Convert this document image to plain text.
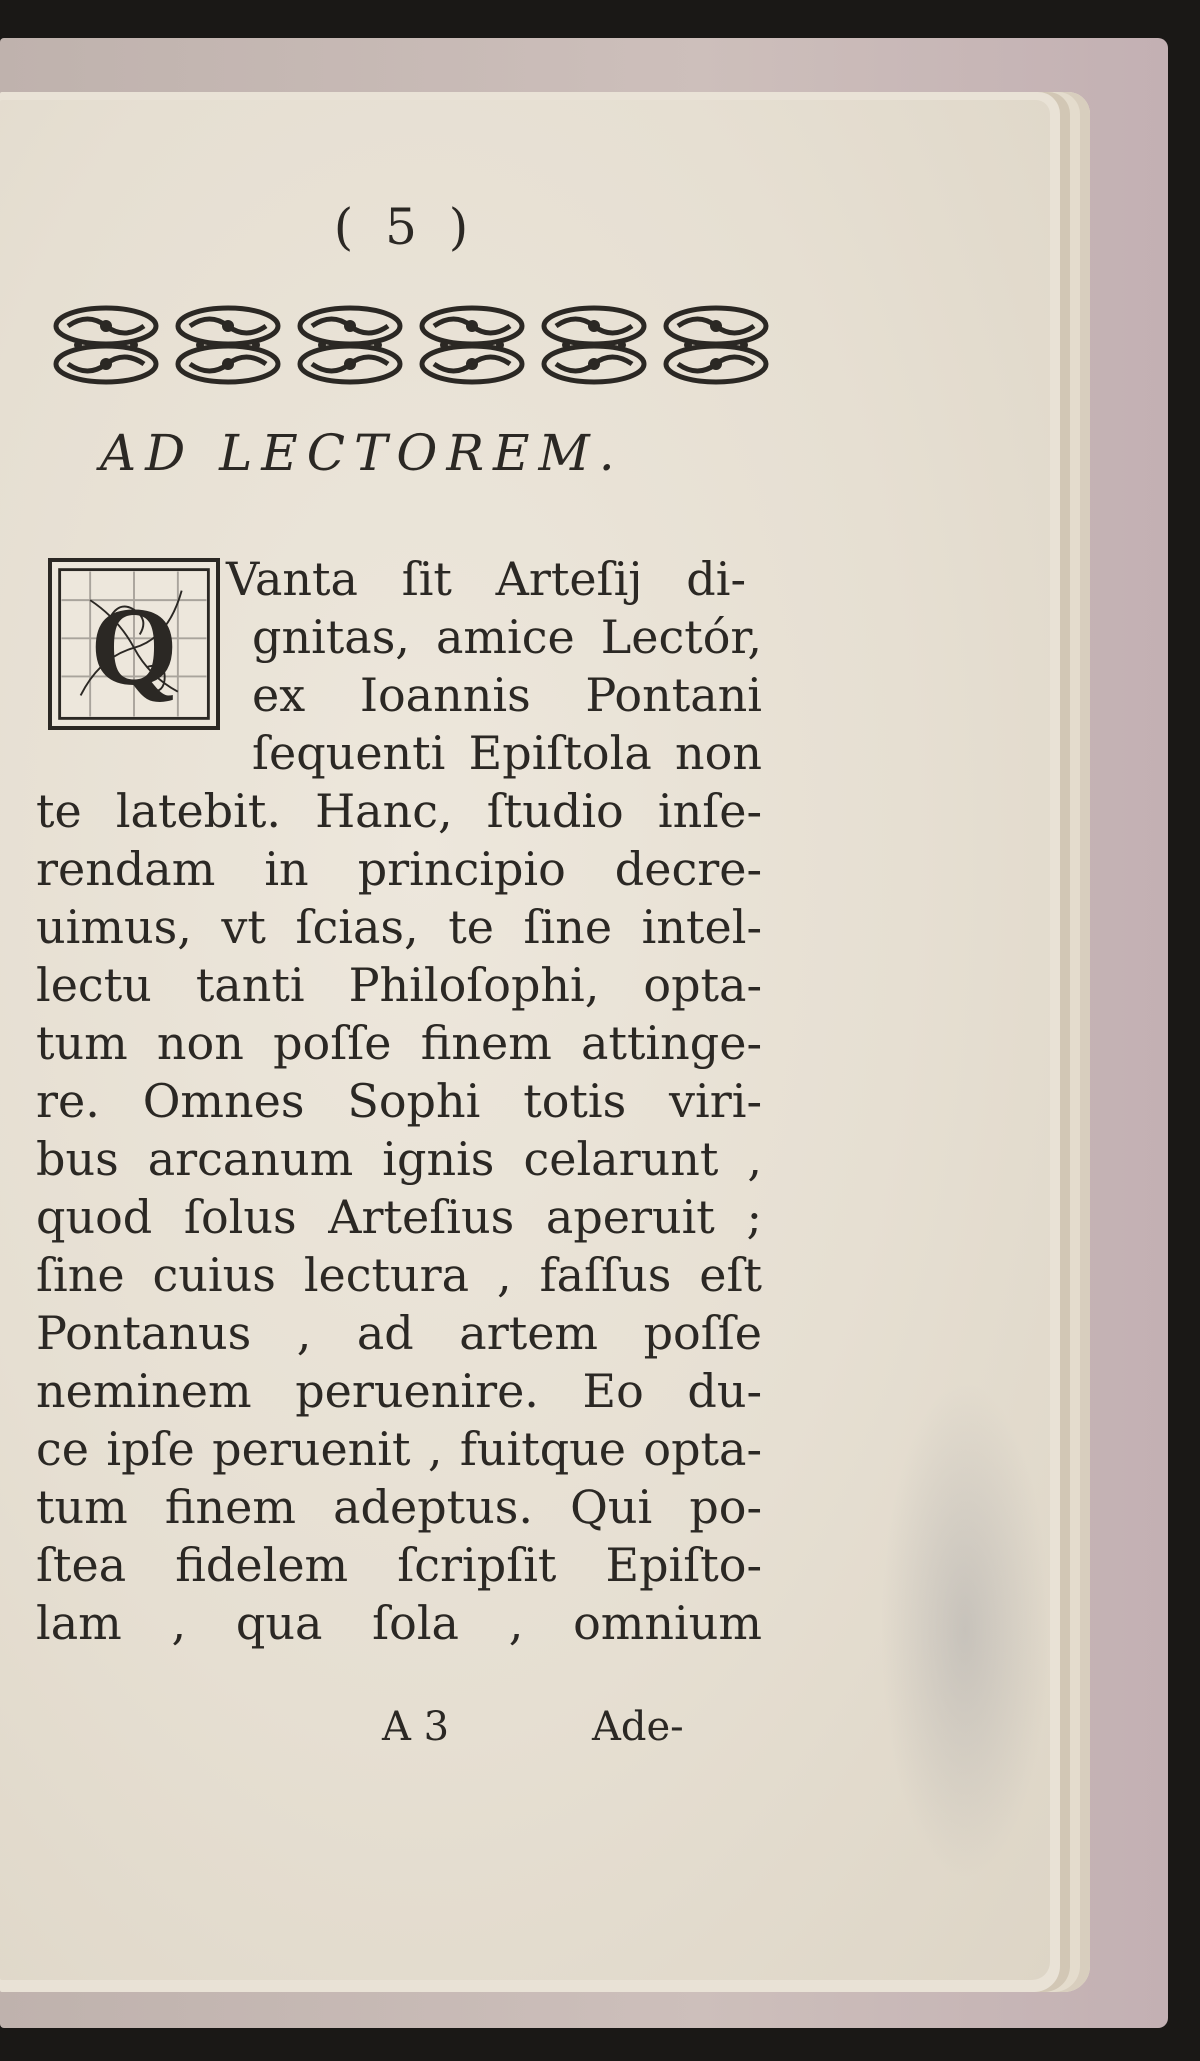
( 5 )
AD LECTOREM.
Q
Vanta ſit Arteſij di-
gnitas, amice Lectór,
ex Ioannis Pontani
ſequenti Epiſtola non
te latebit. Hanc, ſtudio inſe-
rendam in principio decre-
uimus, vt ſcias, te ſine intel-
lectu tanti Philoſophi, opta-
tum non poſſe finem attinge-
re. Omnes Sophi totis viri-
bus arcanum ignis celarunt ,
quod ſolus Arteſius aperuit ;
ſine cuius lectura , faſſus eſt
Pontanus , ad artem poſſe
neminem peruenire. Eo du-
ce ipſe peruenit , fuitque opta-
tum finem adeptus. Qui po-
ſtea fidelem ſcripſit Epiſto-
lam , qua ſola , omnium
A 3	Ade-
